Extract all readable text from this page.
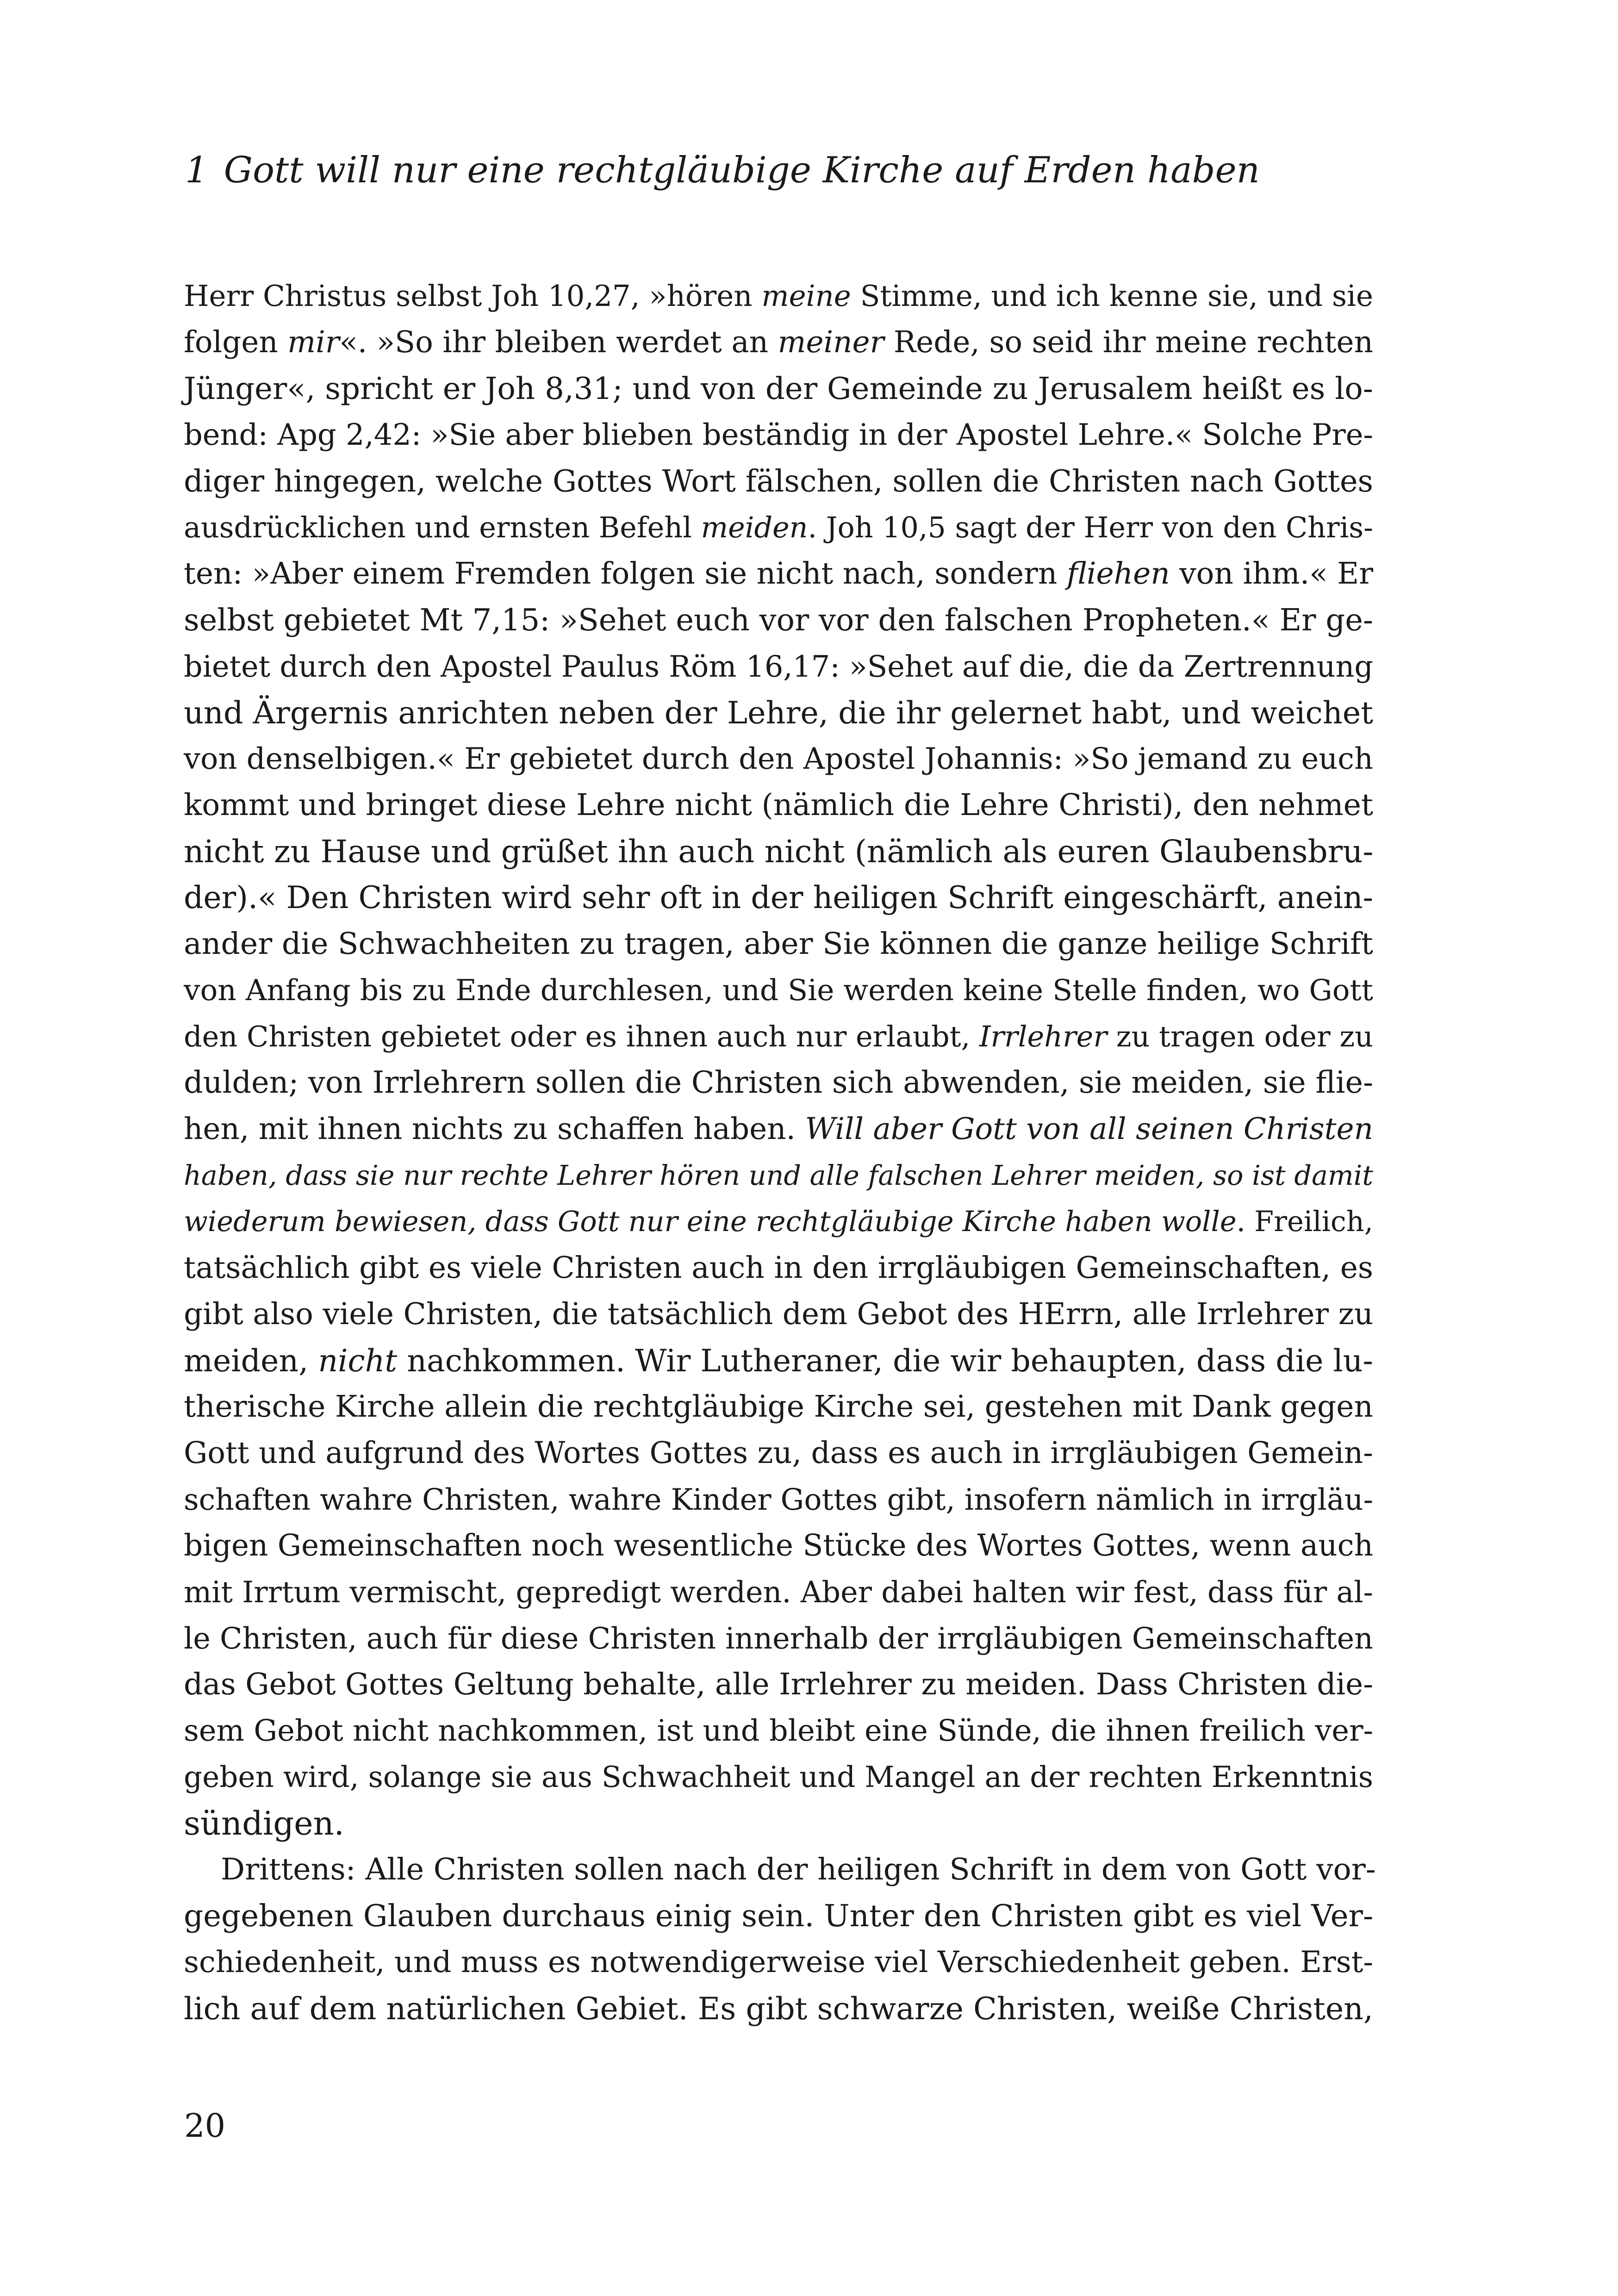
1 Gott will nur eine rechtgläubige Kirche auf Erden haben
Herr Christus selbst Joh 10,27, »hören meine Stimme, und ich kenne sie, und sie
folgen mir«. »So ihr bleiben werdet an meiner Rede, so seid ihr meine rechten
Jünger«, spricht er Joh 8,31; und von der Gemeinde zu Jerusalem heißt es lo-
bend: Apg 2,42: »Sie aber blieben beständig in der Apostel Lehre.« Solche Pre-
diger hingegen, welche Gottes Wort fälschen, sollen die Christen nach Gottes
ausdrücklichen und ernsten Befehl meiden. Joh 10,5 sagt der Herr von den Chris-
ten: »Aber einem Fremden folgen sie nicht nach, sondern fliehen von ihm.« Er
selbst gebietet Mt 7,15: »Sehet euch vor vor den falschen Propheten.« Er ge-
bietet durch den Apostel Paulus Röm 16,17: »Sehet auf die, die da Zertrennung
und Ärgernis anrichten neben der Lehre, die ihr gelernet habt, und weichet
von denselbigen.« Er gebietet durch den Apostel Johannis: »So jemand zu euch
kommt und bringet diese Lehre nicht (nämlich die Lehre Christi), den nehmet
nicht zu Hause und grüßet ihn auch nicht (nämlich als euren Glaubensbru-
der).« Den Christen wird sehr oft in der heiligen Schrift eingeschärft, anein-
ander die Schwachheiten zu tragen, aber Sie können die ganze heilige Schrift
von Anfang bis zu Ende durchlesen, und Sie werden keine Stelle finden, wo Gott
den Christen gebietet oder es ihnen auch nur erlaubt, Irrlehrer zu tragen oder zu
dulden; von Irrlehrern sollen die Christen sich abwenden, sie meiden, sie flie-
hen, mit ihnen nichts zu schaffen haben. Will aber Gott von all seinen Christen
haben, dass sie nur rechte Lehrer hören und alle falschen Lehrer meiden, so ist damit
wiederum bewiesen, dass Gott nur eine rechtgläubige Kirche haben wolle. Freilich,
tatsächlich gibt es viele Christen auch in den irrgläubigen Gemeinschaften, es
gibt also viele Christen, die tatsächlich dem Gebot des HErrn, alle Irrlehrer zu
meiden, nicht nachkommen. Wir Lutheraner, die wir behaupten, dass die lu-
therische Kirche allein die rechtgläubige Kirche sei, gestehen mit Dank gegen
Gott und aufgrund des Wortes Gottes zu, dass es auch in irrgläubigen Gemein-
schaften wahre Christen, wahre Kinder Gottes gibt, insofern nämlich in irrgläu-
bigen Gemeinschaften noch wesentliche Stücke des Wortes Gottes, wenn auch
mit Irrtum vermischt, gepredigt werden. Aber dabei halten wir fest, dass für al-
le Christen, auch für diese Christen innerhalb der irrgläubigen Gemeinschaften
das Gebot Gottes Geltung behalte, alle Irrlehrer zu meiden. Dass Christen die-
sem Gebot nicht nachkommen, ist und bleibt eine Sünde, die ihnen freilich ver-
geben wird, solange sie aus Schwachheit und Mangel an der rechten Erkenntnis
sündigen.
Drittens: Alle Christen sollen nach der heiligen Schrift in dem von Gott vor-
gegebenen Glauben durchaus einig sein. Unter den Christen gibt es viel Ver-
schiedenheit, und muss es notwendigerweise viel Verschiedenheit geben. Erst-
lich auf dem natürlichen Gebiet. Es gibt schwarze Christen, weiße Christen,
20
